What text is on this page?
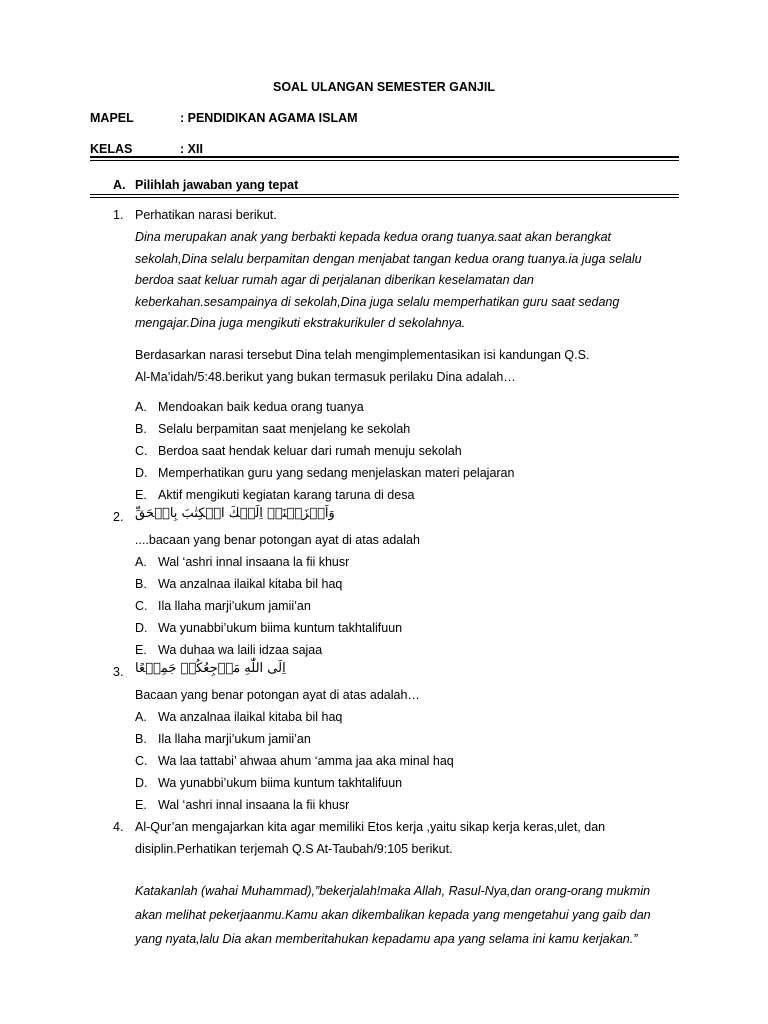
SOAL ULANGAN SEMESTER GANJIL
MAPEL	: PENDIDIKAN AGAMA ISLAM
KELAS	: XII
A. Pilihlah jawaban yang tepat
1. Perhatikan narasi berikut.
Dina merupakan anak yang berbakti kepada kedua orang tuanya.saat akan berangkat
sekolah,Dina selalu berpamitan dengan menjabat tangan kedua orang tuanya.ia juga selalu
berdoa saat keluar rumah agar di perjalanan diberikan keselamatan dan
keberkahan.sesampainya di sekolah,Dina juga selalu memperhatikan guru saat sedang
mengajar.Dina juga mengikuti ekstrakurikuler d sekolahnya.
Berdasarkan narasi tersebut Dina telah mengimplementasikan isi kandungan Q.S.
Al-Ma’idah/5:48.berikut yang bukan termasuk perilaku Dina adalah…
A. Mendoakan baik kedua orang tuanya
B. Selalu berpamitan saat menjelang ke sekolah
C. Berdoa saat hendak keluar dari rumah menuju sekolah
D. Memperhatikan guru yang sedang menjelaskan materi pelajaran
E. Aktif mengikuti kegiatan karang taruna di desa
2. وَاَنۡزَلۡنَاۤ اِلَيۡكَ الۡكِتٰبَ بِالۡحَقِّ
....bacaan yang benar potongan ayat di atas adalah
A. Wal ‘ashri innal insaana la fii khusr
B. Wa anzalnaa ilaikal kitaba bil haq
C. Ila llaha marji’ukum jamii’an
D. Wa yunabbi’ukum biima kuntum takhtalifuun
E. Wa duhaa wa laili idzaa sajaa
3. اِلَى اللّٰهِ مَرۡجِعُكُمۡ جَمِيۡعًا
Bacaan yang benar potongan ayat di atas adalah…
A. Wa anzalnaa ilaikal kitaba bil haq
B. Ila llaha marji’ukum jamii’an
C. Wa laa tattabi’ ahwaa ahum ‘amma jaa aka minal haq
D. Wa yunabbi’ukum biima kuntum takhtalifuun
E. Wal ‘ashri innal insaana la fii khusr
4. Al-Qur’an mengajarkan kita agar memiliki Etos kerja ,yaitu sikap kerja keras,ulet, dan
disiplin.Perhatikan terjemah Q.S At-Taubah/9:105 berikut.
Katakanlah (wahai Muhammad),”bekerjalah!maka Allah, Rasul-Nya,dan orang-orang mukmin
akan melihat pekerjaanmu.Kamu akan dikembalikan kepada yang mengetahui yang gaib dan
yang nyata,lalu Dia akan memberitahukan kepadamu apa yang selama ini kamu kerjakan.”
